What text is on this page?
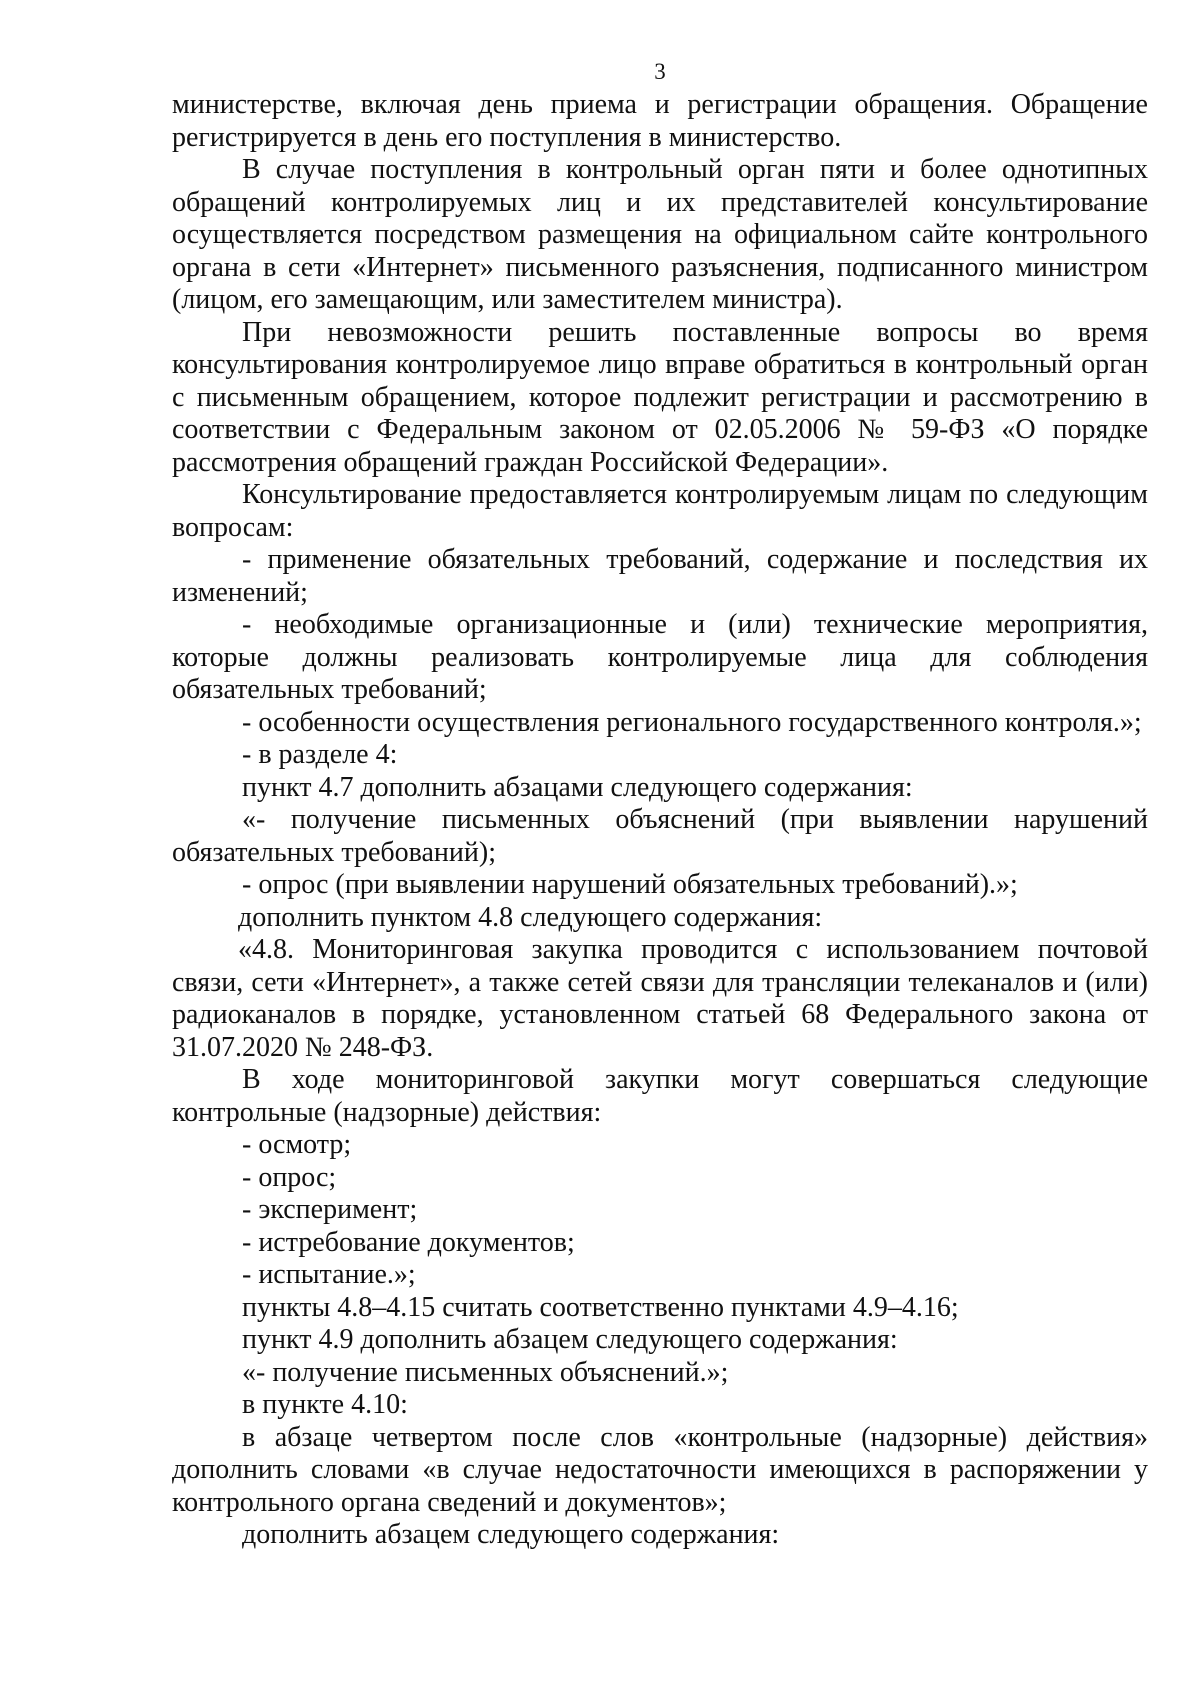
3

министерстве, включая день приема и регистрации обращения. Обращение регистрируется в день его поступления в министерство.

В случае поступления в контрольный орган пяти и более однотипных обращений контролируемых лиц и их представителей консультирование осуществляется посредством размещения на официальном сайте контрольного органа в сети «Интернет» письменного разъяснения, подписанного министром (лицом, его замещающим, или заместителем министра).

При невозможности решить поставленные вопросы во время консультирования контролируемое лицо вправе обратиться в контрольный орган с письменным обращением, которое подлежит регистрации и рассмотрению в соответствии с Федеральным законом от 02.05.2006 № 59-ФЗ «О порядке рассмотрения обращений граждан Российской Федерации».

Консультирование предоставляется контролируемым лицам по следующим вопросам:

- применение обязательных требований, содержание и последствия их изменений;

- необходимые организационные и (или) технические мероприятия, которые должны реализовать контролируемые лица для соблюдения обязательных требований;

- особенности осуществления регионального государственного контроля.»;

- в разделе 4:

пункт 4.7 дополнить абзацами следующего содержания:

«- получение письменных объяснений (при выявлении нарушений обязательных требований);

- опрос (при выявлении нарушений обязательных требований).»;

дополнить пунктом 4.8 следующего содержания:

«4.8. Мониторинговая закупка проводится с использованием почтовой связи, сети «Интернет», а также сетей связи для трансляции телеканалов и (или) радиоканалов в порядке, установленном статьей 68 Федерального закона от 31.07.2020 № 248-ФЗ.

В ходе мониторинговой закупки могут совершаться следующие контрольные (надзорные) действия:

- осмотр;

- опрос;

- эксперимент;

- истребование документов;

- испытание.»;

пункты 4.8–4.15 считать соответственно пунктами 4.9–4.16;

пункт 4.9 дополнить абзацем следующего содержания:

«- получение письменных объяснений.»;

в пункте 4.10:

в абзаце четвертом после слов «контрольные (надзорные) действия» дополнить словами «в случае недостаточности имеющихся в распоряжении у контрольного органа сведений и документов»;

дополнить абзацем следующего содержания:
